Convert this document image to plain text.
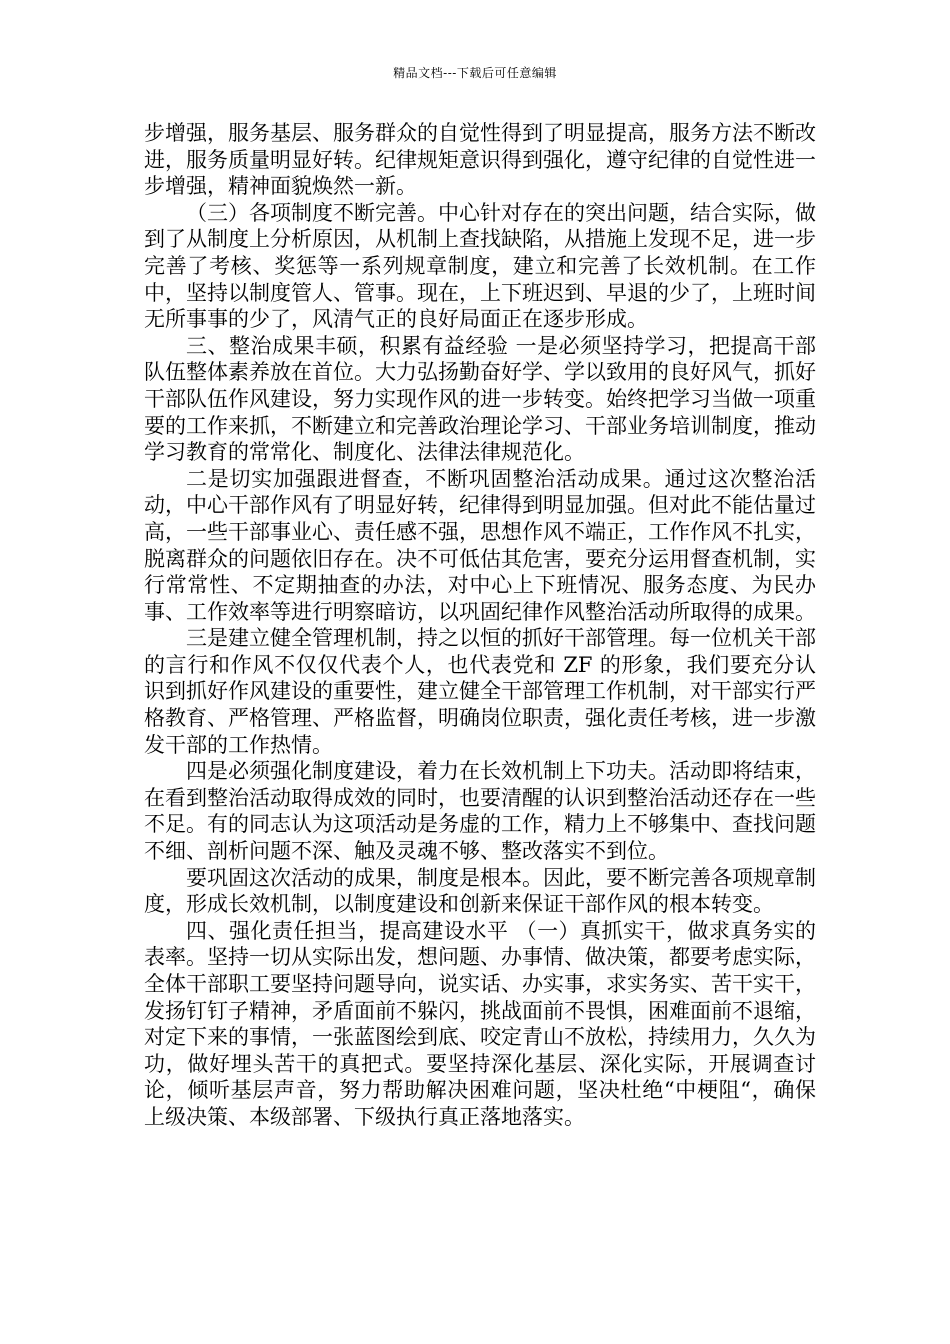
精品文档---下载后可任意编辑

步增强，服务基层、服务群众的自觉性得到了明显提高，服务方法不断改进，服务质量明显好转。纪律规矩意识得到强化，遵守纪律的自觉性进一步增强，精神面貌焕然一新。

（三）各项制度不断完善。中心针对存在的突出问题，结合实际，做到了从制度上分析原因，从机制上查找缺陷，从措施上发现不足，进一步完善了考核、奖惩等一系列规章制度，建立和完善了长效机制。在工作中，坚持以制度管人、管事。现在，上下班迟到、早退的少了，上班时间无所事事的少了，风清气正的良好局面正在逐步形成。

三、整治成果丰硕，积累有益经验 一是必须坚持学习，把提高干部队伍整体素养放在首位。大力弘扬勤奋好学、学以致用的良好风气，抓好干部队伍作风建设，努力实现作风的进一步转变。始终把学习当做一项重要的工作来抓，不断建立和完善政治理论学习、干部业务培训制度，推动学习教育的常常化、制度化、法律法律规范化。

二是切实加强跟进督查，不断巩固整治活动成果。通过这次整治活动，中心干部作风有了明显好转，纪律得到明显加强。但对此不能估量过高，一些干部事业心、责任感不强，思想作风不端正，工作作风不扎实，脱离群众的问题依旧存在。决不可低估其危害，要充分运用督查机制，实行常常性、不定期抽查的办法，对中心上下班情况、服务态度、为民办事、工作效率等进行明察暗访，以巩固纪律作风整治活动所取得的成果。

三是建立健全管理机制，持之以恒的抓好干部管理。每一位机关干部的言行和作风不仅仅代表个人，也代表党和 ZF 的形象，我们要充分认识到抓好作风建设的重要性，建立健全干部管理工作机制，对干部实行严格教育、严格管理、严格监督，明确岗位职责，强化责任考核，进一步激发干部的工作热情。

四是必须强化制度建设，着力在长效机制上下功夫。活动即将结束，在看到整治活动取得成效的同时，也要清醒的认识到整治活动还存在一些不足。有的同志认为这项活动是务虚的工作，精力上不够集中、查找问题不细、剖析问题不深、触及灵魂不够、整改落实不到位。

要巩固这次活动的成果，制度是根本。因此，要不断完善各项规章制度，形成长效机制，以制度建设和创新来保证干部作风的根本转变。

四、强化责任担当，提高建设水平 （一）真抓实干，做求真务实的表率。坚持一切从实际出发，想问题、办事情、做决策，都要考虑实际，全体干部职工要坚持问题导向，说实话、办实事，求实务实、苦干实干，发扬钉钉子精神，矛盾面前不躲闪，挑战面前不畏惧，困难面前不退缩，对定下来的事情，一张蓝图绘到底、咬定青山不放松，持续用力，久久为功，做好埋头苦干的真把式。要坚持深化基层、深化实际，开展调查讨论，倾听基层声音，努力帮助解决困难问题，坚决杜绝“中梗阻“，确保上级决策、本级部署、下级执行真正落地落实。
